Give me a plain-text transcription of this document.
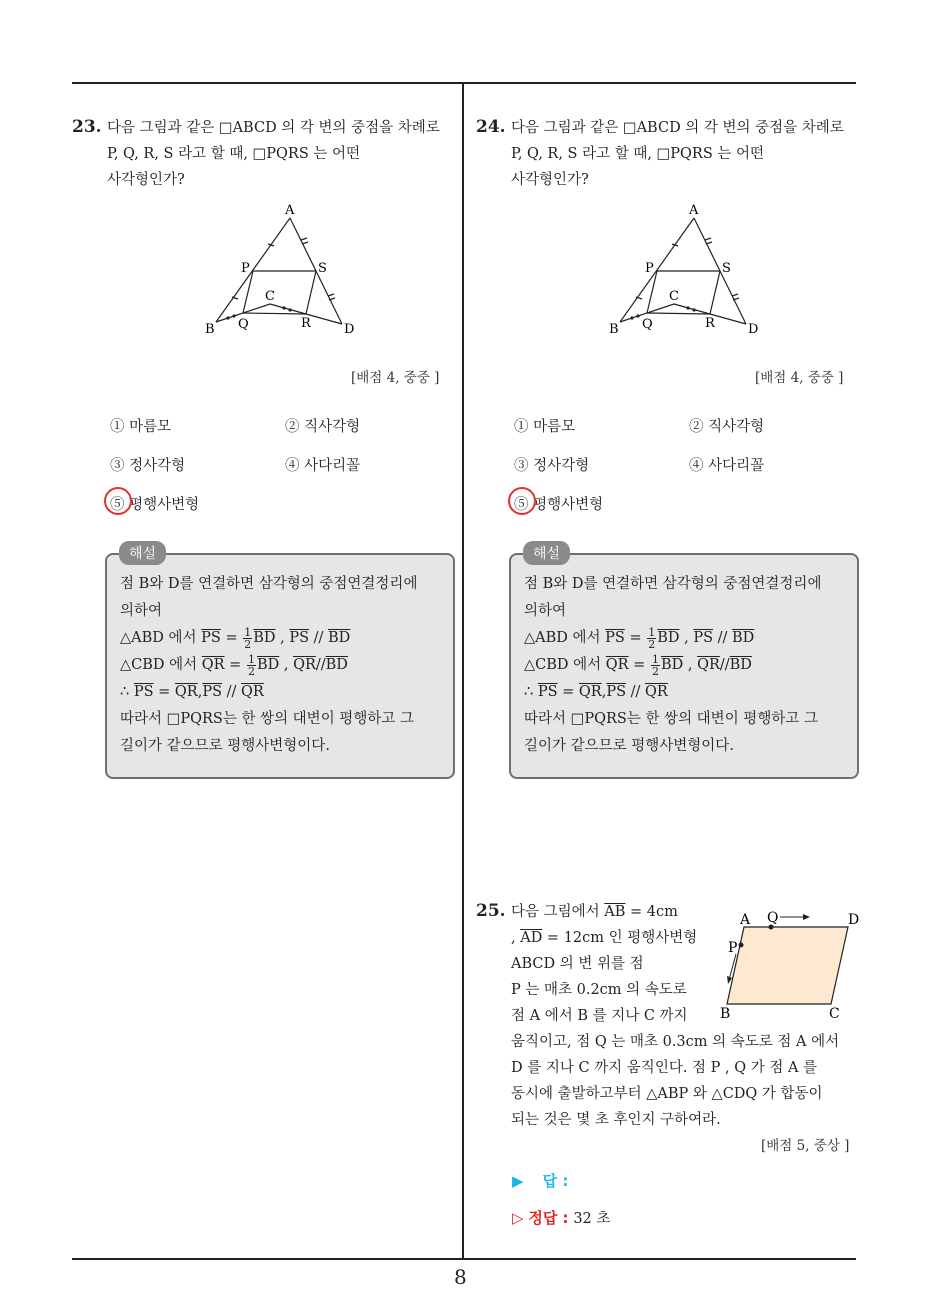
8
23. 다음 그림과 같은 □ABCD 의 각 변의 중점을 차례로
P, Q, R, S 라고 할 때, □PQRS 는 어떤
사각형인가?
A
P	S
C
B Q	R	D
[배점 4, 중중 ]
① 마름모	② 직사각형
③ 정사각형	④ 사다리꼴
⑤ 평행사변형
해설
점 B와 D를 연결하면 삼각형의 중점연결정리에
의하여
△ABD 에서 $\overline{PS} = \frac{1}{2} \overline{BD}$ , $\overline{PS} // \overline{BD}$
△CBD 에서 $\overline{QR} = \frac{1}{2} \overline{BD}$ , $\overline{QR}//\overline{BD}$
∴ $\overline{PS} = \overline{QR},\overline{PS} // \overline{QR}$
따라서 □PQRS는 한 쌍의 대변이 평행하고 그
길이가 같으므로 평행사변형이다.
24. 다음 그림과 같은 □ABCD 의 각 변의 중점을 차례로
P, Q, R, S 라고 할 때, □PQRS 는 어떤
사각형인가?
A
P	S
C
B Q	R	D
[배점 4, 중중 ]
① 마름모	② 직사각형
③ 정사각형	④ 사다리꼴
⑤ 평행사변형
해설
점 B와 D를 연결하면 삼각형의 중점연결정리에
의하여
△ABD 에서 $\overline{PS} = \frac{1}{2} \overline{BD}$ , $\overline{PS} // \overline{BD}$
△CBD 에서 $\overline{QR} = \frac{1}{2} \overline{BD}$ , $\overline{QR}//\overline{BD}$
∴ $\overline{PS} = \overline{QR},\overline{PS} // \overline{QR}$
따라서 □PQRS는 한 쌍의 대변이 평행하고 그
길이가 같으므로 평행사변형이다.
25. 다음 그림에서 $\overline{AB} = 4cm$
, $\overline{AD} = 12cm$ 인 평행사변형
ABCD 의 변 위를 점
P 는 매초 0.2cm 의 속도로
점 A 에서 B 를 지나 C 까지
움직이고, 점 Q 는 매초 0.3cm 의 속도로 점 A 에서
D 를 지나 C 까지 움직인다. 점 P , Q 가 점 A 를
동시에 출발하고부터 △ABP 와 △CDQ 가 합동이
되는 것은 몇 초 후인지 구하여라.
A Q	D
P
B	C
[배점 5, 중상 ]
▶ 답 :
▷ 정답 : 32 초
